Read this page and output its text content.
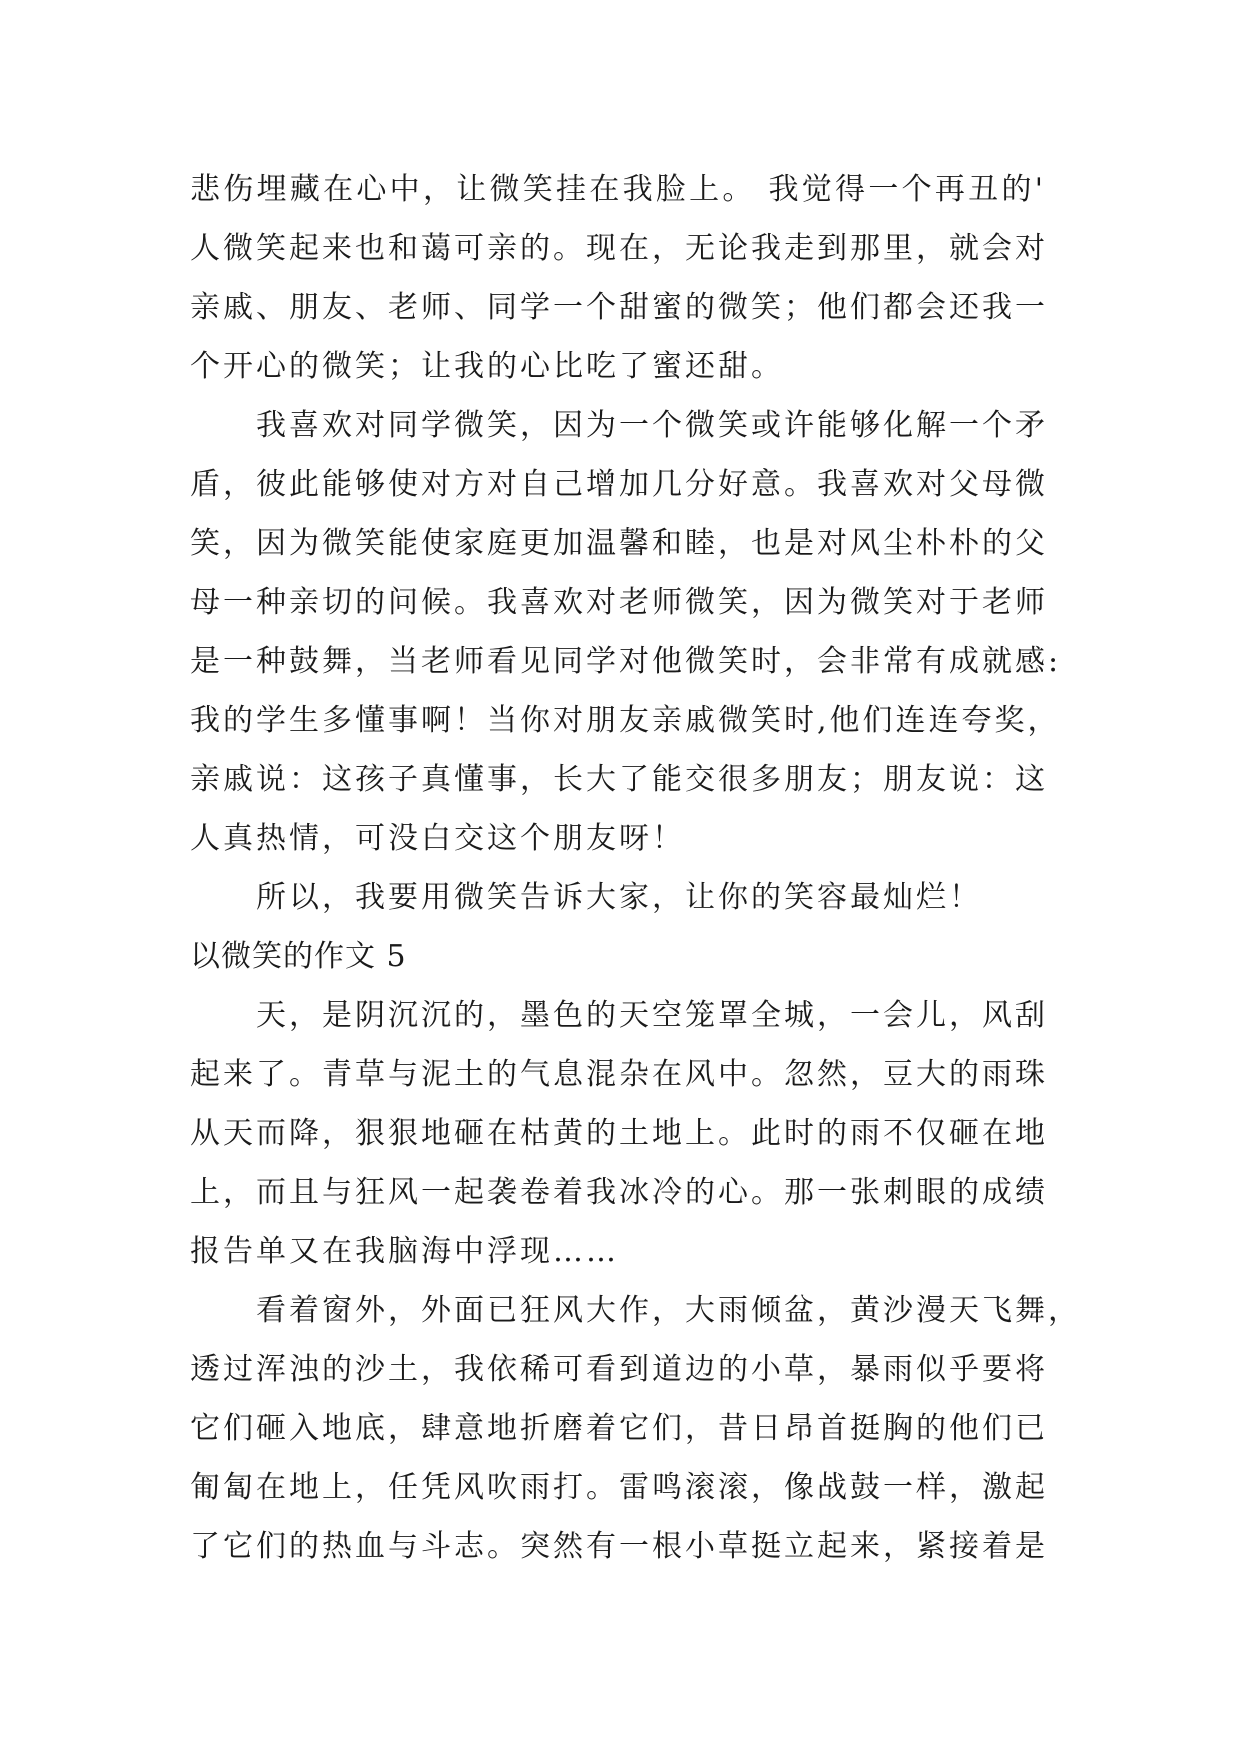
悲伤埋藏在心中，让微笑挂在我脸上。 我觉得一个再丑的'
人微笑起来也和蔼可亲的。现在，无论我走到那里，就会对
亲戚、朋友、老师、同学一个甜蜜的微笑；他们都会还我一
个开心的微笑；让我的心比吃了蜜还甜。
我喜欢对同学微笑，因为一个微笑或许能够化解一个矛
盾，彼此能够使对方对自己增加几分好意。我喜欢对父母微
笑，因为微笑能使家庭更加温馨和睦，也是对风尘朴朴的父
母一种亲切的问候。我喜欢对老师微笑，因为微笑对于老师
是一种鼓舞，当老师看见同学对他微笑时，会非常有成就感:
我的学生多懂事啊！当你对朋友亲戚微笑时,他们连连夸奖，
亲戚说：这孩子真懂事，长大了能交很多朋友；朋友说：这
人真热情，可没白交这个朋友呀！
所以，我要用微笑告诉大家，让你的笑容最灿烂！
以微笑的作文 5
天，是阴沉沉的，墨色的天空笼罩全城，一会儿，风刮
起来了。青草与泥土的气息混杂在风中。忽然，豆大的雨珠
从天而降，狠狠地砸在枯黄的土地上。此时的雨不仅砸在地
上，而且与狂风一起袭卷着我冰冷的心。那一张刺眼的成绩
报告单又在我脑海中浮现……
看着窗外，外面已狂风大作，大雨倾盆，黄沙漫天飞舞，
透过浑浊的沙土，我依稀可看到道边的小草，暴雨似乎要将
它们砸入地底，肆意地折磨着它们，昔日昂首挺胸的他们已
匍匐在地上，任凭风吹雨打。雷鸣滚滚，像战鼓一样，激起
了它们的热血与斗志。突然有一根小草挺立起来，紧接着是
